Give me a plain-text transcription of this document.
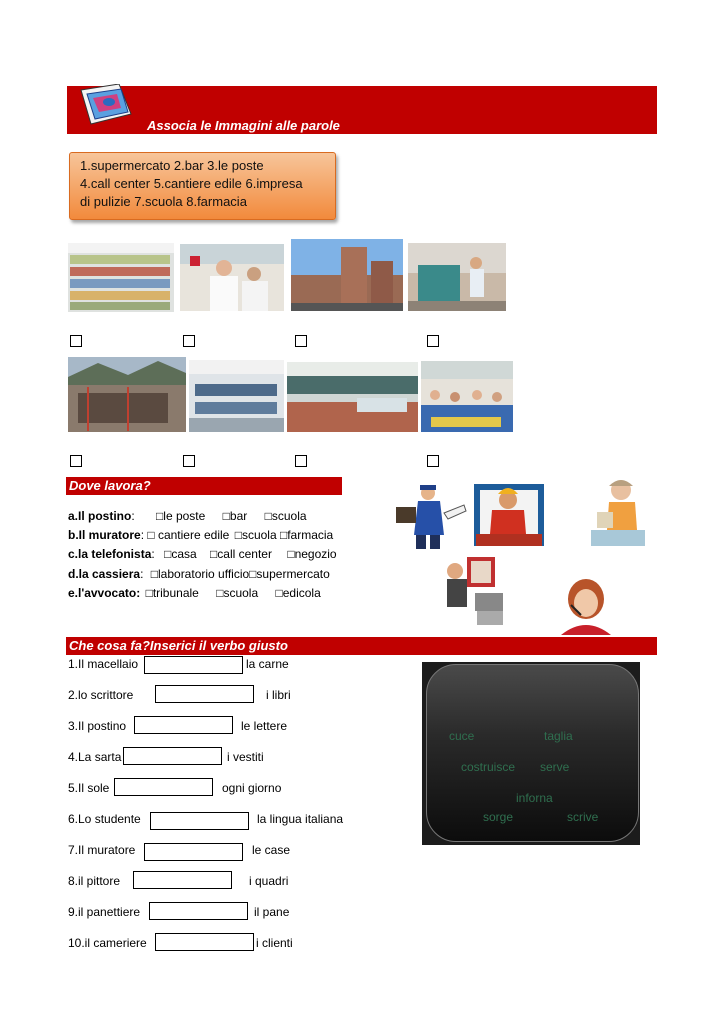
Associa le Immagini alle parole
1.supermercato 2.bar 3.le poste
4.call center 5.cantiere edile 6.impresa
di pulizie 7.scuola 8.farmacia
Dove lavora?
a.Il postino: □le poste □bar □scuola
b.Il muratore: □ cantiere edile □scuola □farmacia
c.la telefonista: □casa □call center □negozio
d.la cassiera: □laboratorio ufficio□supermercato
e.l'avvocato: □tribunale □scuola □edicola
Che cosa fa?Inserici il verbo giusto
1.Il macellaio	la carne
2.lo scrittore	i libri
3.Il postino	le lettere
4.La sarta	i vestiti
5.Il sole	ogni giorno
6.Lo studente	la lingua italiana
7.Il muratore	le case
8.il pittore	i quadri
9.il panettiere	il pane
10.il cameriere	i clienti
cuce	taglia
costruisce serve
inforna
sorge	scrive
